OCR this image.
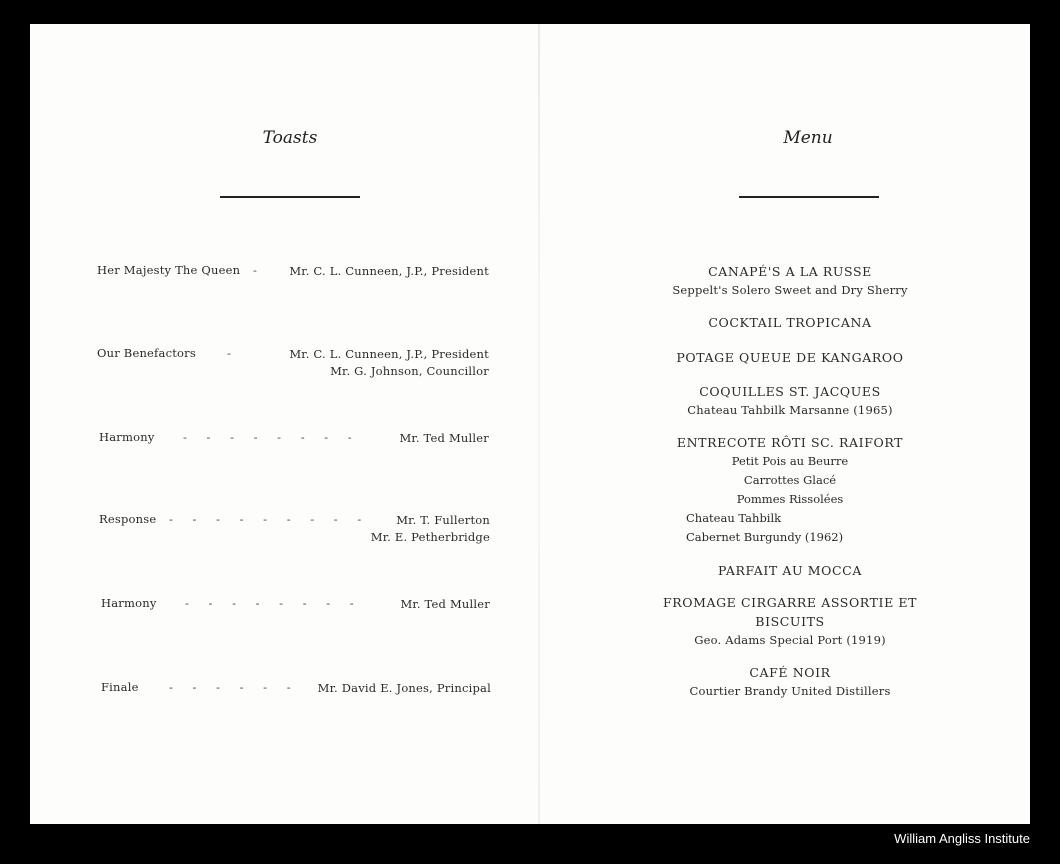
Toasts
Her Majesty The Queen - Mr. C. L. Cunneen, J.P., President
Our Benefactors	-	Mr. C. L. Cunneen, J.P., President
Mr. G. Johnson, Councillor
Harmony - - - - - - - -	Mr. Ted Muller
Response - - - - - - - - -	Mr. T. Fullerton
Mr. E. Petherbridge
Harmony - - - - - - - -	Mr. Ted Muller
Finale	- - - - - - Mr. David E. Jones, Principal
Menu
CANAPÉ'S A LA RUSSE
Seppelt's Solero Sweet and Dry Sherry
COCKTAIL TROPICANA
POTAGE QUEUE DE KANGAROO
COQUILLES ST. JACQUES
Chateau Tahbilk Marsanne (1965)
ENTRECOTE RÔTI SC. RAIFORT
Petit Pois au Beurre
Carrottes Glacé
Pommes Rissolées
Chateau Tahbilk
Cabernet Burgundy (1962)
PARFAIT AU MOCCA
FROMAGE CIRGARRE ASSORTIE ET BISCUITS
Geo. Adams Special Port (1919)
CAFÉ NOIR
Courtier Brandy United Distillers
William Angliss Institute
